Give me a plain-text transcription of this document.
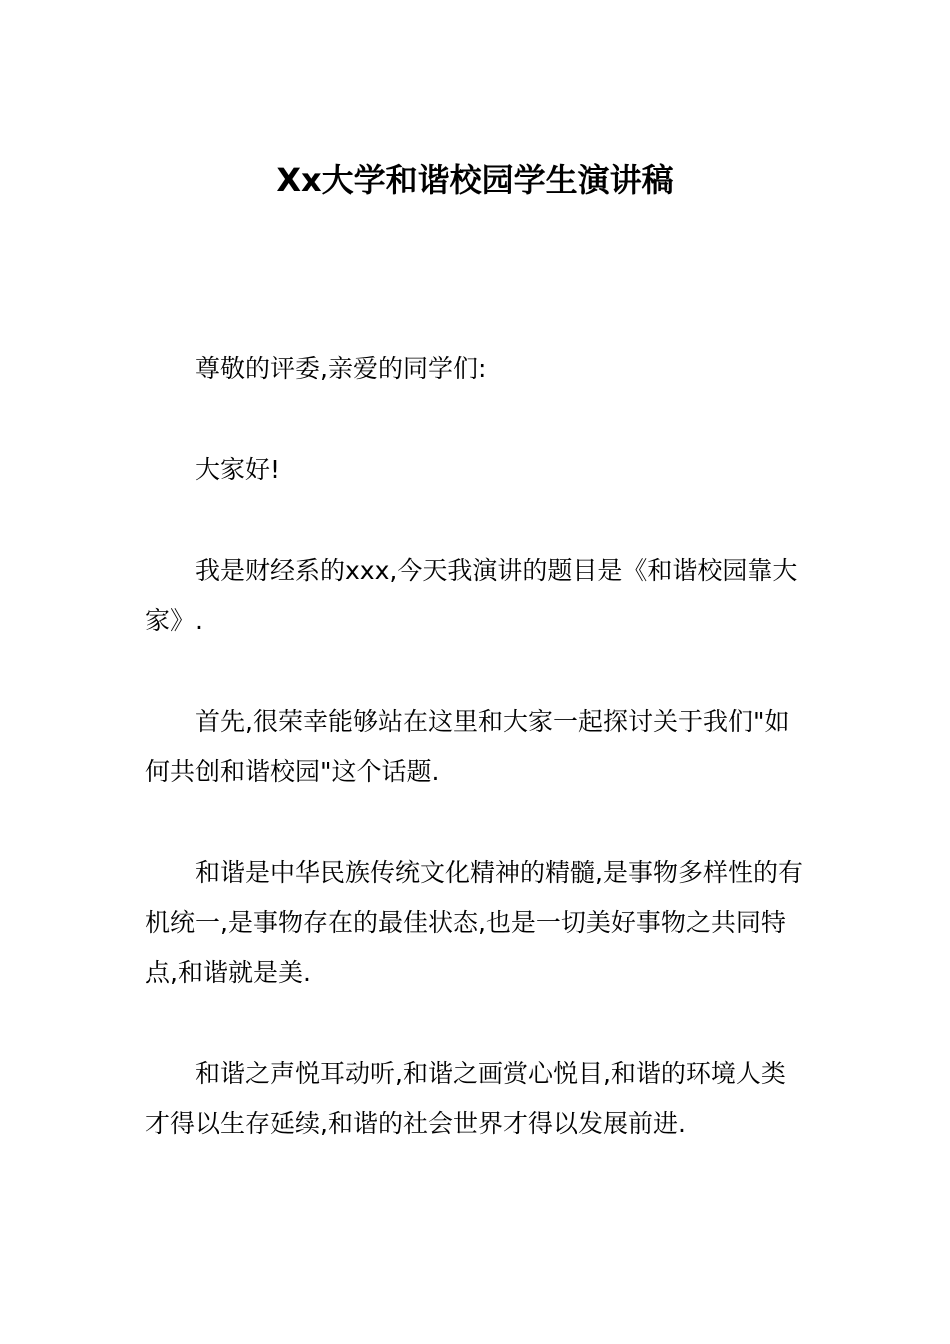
Xx大学和谐校园学生演讲稿

尊敬的评委,亲爱的同学们:

大家好!

我是财经系的xxx,今天我演讲的题目是《和谐校园靠大家》.

首先,很荣幸能够站在这里和大家一起探讨关于我们"如何共创和谐校园"这个话题.

和谐是中华民族传统文化精神的精髓,是事物多样性的有机统一,是事物存在的最佳状态,也是一切美好事物之共同特点,和谐就是美.

和谐之声悦耳动听,和谐之画赏心悦目,和谐的环境人类才得以生存延续,和谐的社会世界才得以发展前进.
